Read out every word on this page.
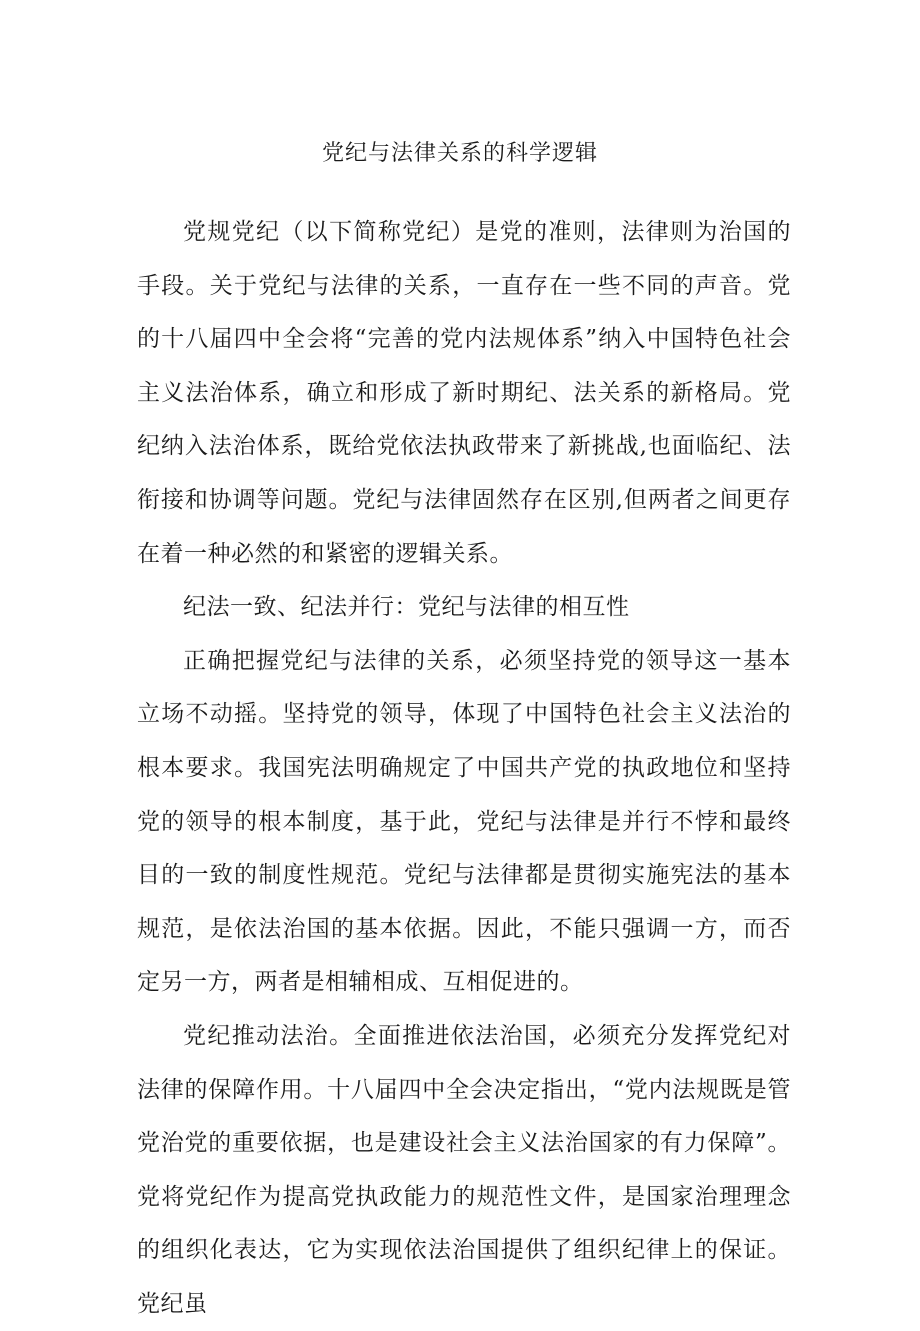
党纪与法律关系的科学逻辑

党规党纪（以下简称党纪）是党的准则，法律则为治国的手段。关于党纪与法律的关系，一直存在一些不同的声音。党的十八届四中全会将“完善的党内法规体系”纳入中国特色社会主义法治体系，确立和形成了新时期纪、法关系的新格局。党纪纳入法治体系，既给党依法执政带来了新挑战,也面临纪、法衔接和协调等问题。党纪与法律固然存在区别,但两者之间更存在着一种必然的和紧密的逻辑关系。

纪法一致、纪法并行：党纪与法律的相互性

正确把握党纪与法律的关系，必须坚持党的领导这一基本立场不动摇。坚持党的领导，体现了中国特色社会主义法治的根本要求。我国宪法明确规定了中国共产党的执政地位和坚持党的领导的根本制度，基于此，党纪与法律是并行不悖和最终目的一致的制度性规范。党纪与法律都是贯彻实施宪法的基本规范，是依法治国的基本依据。因此，不能只强调一方，而否定另一方，两者是相辅相成、互相促进的。

党纪推动法治。全面推进依法治国，必须充分发挥党纪对法律的保障作用。十八届四中全会决定指出，“党内法规既是管党治党的重要依据，也是建设社会主义法治国家的有力保障”。党将党纪作为提高党执政能力的规范性文件，是国家治理理念的组织化表达，它为实现依法治国提供了组织纪律上的保证。党纪虽
